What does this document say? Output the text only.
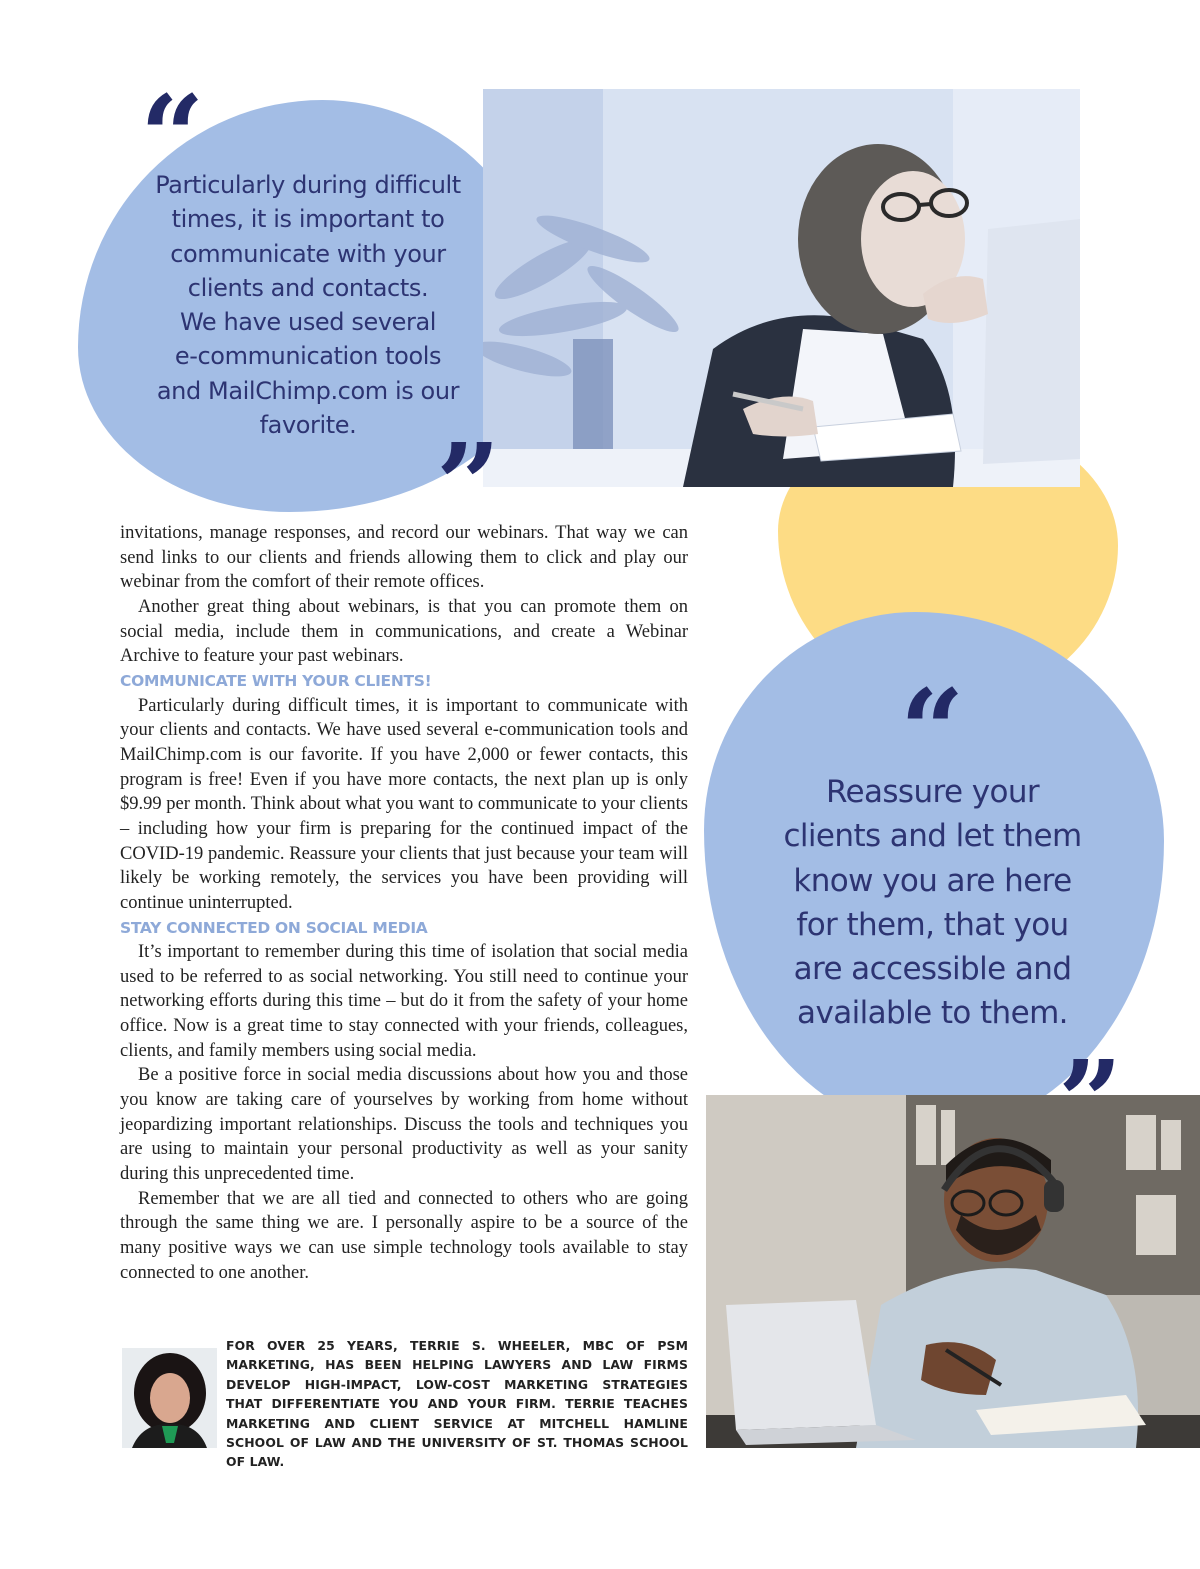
“
Particularly during difficult
times, it is important to
communicate with your
clients and contacts.
We have used several
e-communication tools
and MailChimp.com is our
favorite. ”
“
Reassure your
clients and let them
know you are here
for them, that you
are accessible and
available to them.
”

invitations, manage responses, and record our webinars. That way we can send links to our clients and friends allowing them to click and play our webinar from the comfort of their remote offices.

Another great thing about webinars, is that you can promote them on social media, include them in communications, and create a Webinar Archive to feature your past webinars.

COMMUNICATE WITH YOUR CLIENTS!

Particularly during difficult times, it is important to communicate with your clients and contacts. We have used several e-communication tools and MailChimp.com is our favorite. If you have 2,000 or fewer contacts, this program is free! Even if you have more contacts, the next plan up is only $9.99 per month. Think about what you want to communicate to your clients – including how your firm is preparing for the continued impact of the COVID-19 pandemic. Reassure your clients that just because your team will likely be working remotely, the services you have been providing will continue uninterrupted.

STAY CONNECTED ON SOCIAL MEDIA

It’s important to remember during this time of isolation that social media used to be referred to as social networking. You still need to continue your networking efforts during this time – but do it from the safety of your home office. Now is a great time to stay connected with your friends, colleagues, clients, and family members using social media.

Be a positive force in social media discussions about how you and those you know are taking care of yourselves by working from home without jeopardizing important relationships. Discuss the tools and techniques you are using to maintain your personal productivity as well as your sanity during this unprecedented time.

Remember that we are all tied and connected to others who are going through the same thing we are. I personally aspire to be a source of the many positive ways we can use simple technology tools available to stay connected to one another.

FOR OVER 25 YEARS, TERRIE S. WHEELER, MBC OF PSM MARKETING, HAS BEEN HELPING LAWYERS AND LAW FIRMS DEVELOP HIGH-IMPACT, LOW-COST MARKETING STRATEGIES THAT DIFFERENTIATE YOU AND YOUR FIRM. TERRIE TEACHES MARKETING AND CLIENT SERVICE AT MITCHELL HAMLINE SCHOOL OF LAW AND THE UNIVERSITY OF ST. THOMAS SCHOOL OF LAW.
